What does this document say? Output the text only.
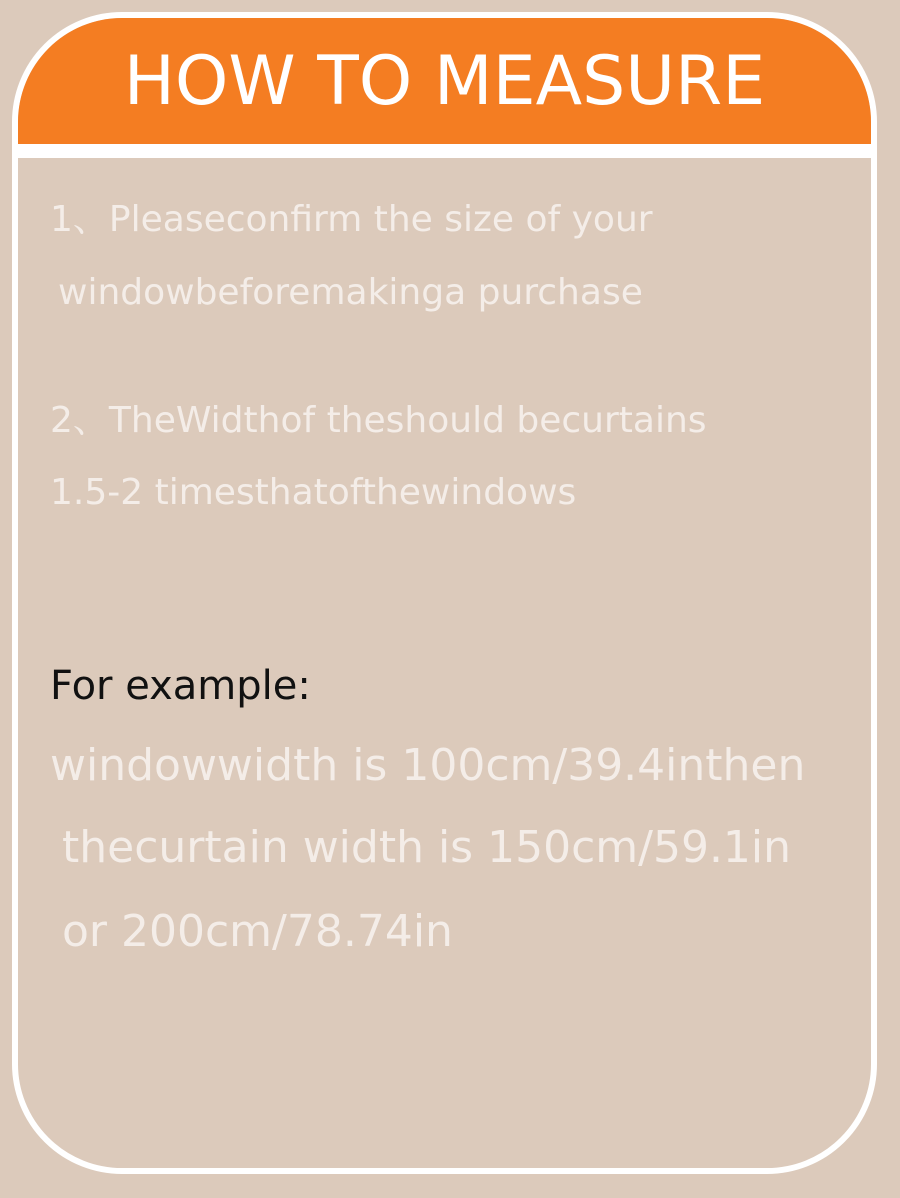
HOW TO MEASURE
1、Pleaseconfirm the size of your
windowbeforemakinga purchase
2、TheWidthof theshould becurtains
1.5-2 timesthatofthewindows
For example:
windowwidth is 100cm/39.4inthen
thecurtain width is 150cm/59.1in
or 200cm/78.74in
